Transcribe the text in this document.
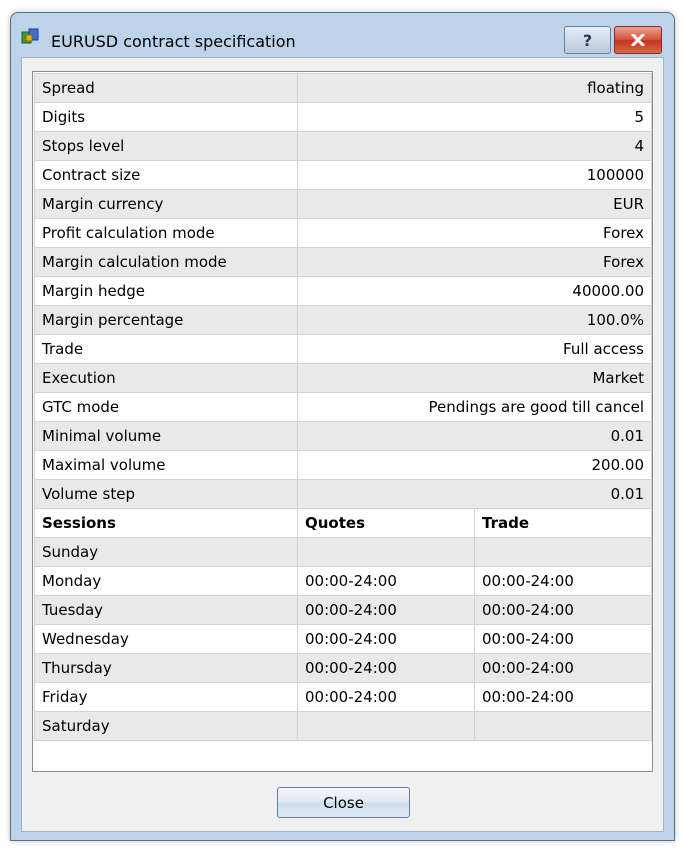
EURUSD contract specification	?
Spread	floating	
Digits	5	
Stops level	4	
Contract size	100000	
Margin currency	EUR	
Profit calculation mode	Forex	
Margin calculation mode	Forex	
Margin hedge	40000.00	
Margin percentage	100.0%	
Trade	Full access	
Execution	Market	
GTC mode	Pendings are good till cancel	
Minimal volume	0.01	
Maximal volume	200.00	
Volume step	0.01	
Sessions	Quotes	Trade
Sunday		
Monday	00:00-24:00	00:00-24:00
Tuesday	00:00-24:00	00:00-24:00
Wednesday	00:00-24:00	00:00-24:00
Thursday	00:00-24:00	00:00-24:00
Friday	00:00-24:00	00:00-24:00
Saturday		
Close
